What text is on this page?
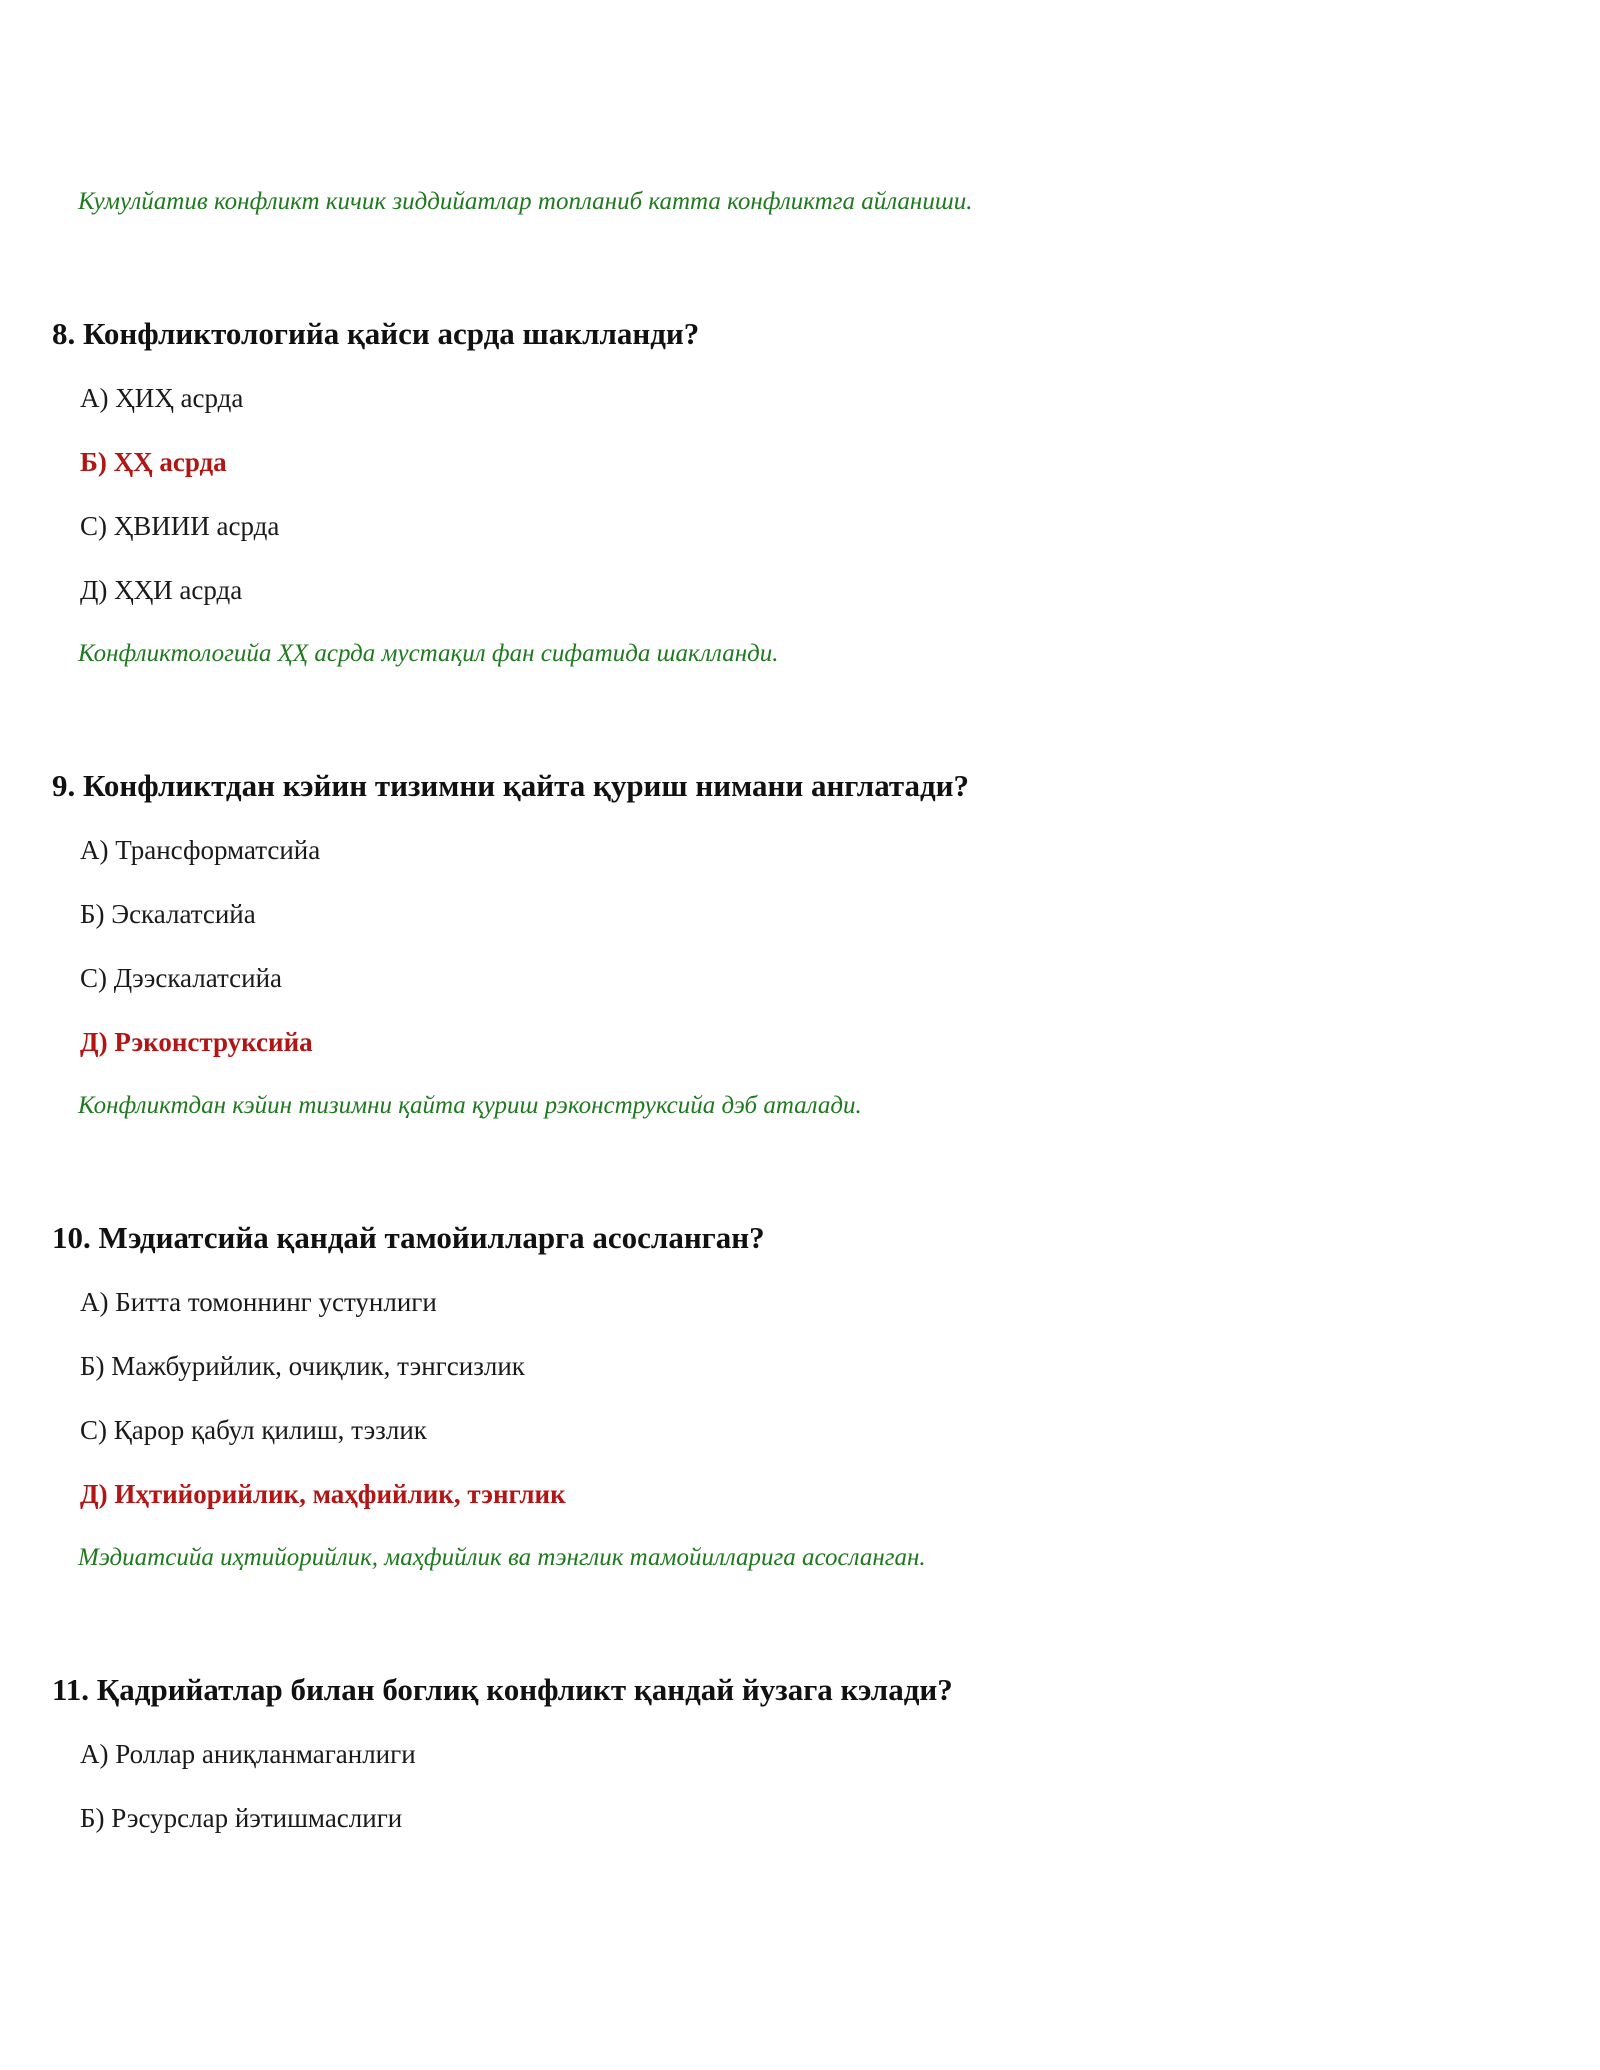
Кумулйатив конфликт кичик зиддийатлар топланиб катта конфликтга айланиши.
8. Конфликтологийа қайси асрда шаклланди?
А) ҲИҲ асрда
Б) ҲҲ асрда
С) ҲВИИИ асрда
Д) ҲҲИ асрда
Конфликтологийа ҲҲ асрда мустақил фан сифатида шаклланди.
9. Конфликтдан кэйин тизимни қайта қуриш нимани англатади?
А) Трансформатсийа
Б) Эскалатсийа
С) Дээскалатсийа
Д) Рэконструксийа
Конфликтдан кэйин тизимни қайта қуриш рэконструксийа дэб аталади.
10. Мэдиатсийа қандай тамойилларга асосланган?
А) Битта томоннинг устунлиги
Б) Мажбурийлик, очиқлик, тэнгсизлик
С) Қарор қабул қилиш, тэзлик
Д) Иҳтийорийлик, маҳфийлик, тэнглик
Мэдиатсийа иҳтийорийлик, маҳфийлик ва тэнглик тамойилларига асосланган.
11. Қадрийатлар билан боглиқ конфликт қандай йузага кэлади?
А) Роллар аниқланмаганлиги
Б) Рэсурслар йэтишмаслиги
